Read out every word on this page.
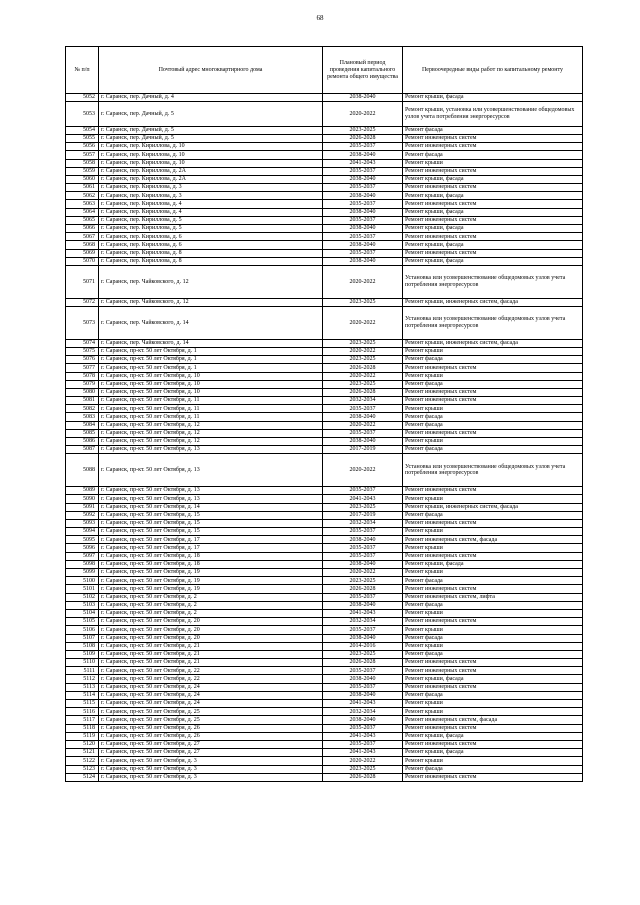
68
№ п/п	Почтовый адрес многоквартирного дома	Плановый период проведения капитального ремонта общего имущества	Первоочередные виды работ по капитальному ремонту
5052	г. Саранск, пер. Дачный, д. 4	2038-2040	Ремонт крыши, фасада
5053	г. Саранск, пер. Дачный, д. 5	2020-2022	Ремонт крыши, установка или усовершенствование общедомовых узлов учета потребления энергоресурсов
5054	г. Саранск, пер. Дачный, д. 5	2023-2025	Ремонт фасада
5055	г. Саранск, пер. Дачный, д. 5	2026-2028	Ремонт инженерных систем
5056	г. Саранск, пер. Кириллова, д. 10	2035-2037	Ремонт инженерных систем
5057	г. Саранск, пер. Кириллова, д. 10	2038-2040	Ремонт фасада
5058	г. Саранск, пер. Кириллова, д. 10	2041-2043	Ремонт крыши
5059	г. Саранск, пер. Кириллова, д. 2А	2035-2037	Ремонт инженерных систем
5060	г. Саранск, пер. Кириллова, д. 2А	2038-2040	Ремонт крыши, фасада
5061	г. Саранск, пер. Кириллова, д. 3	2035-2037	Ремонт инженерных систем
5062	г. Саранск, пер. Кириллова, д. 3	2038-2040	Ремонт крыши, фасада
5063	г. Саранск, пер. Кириллова, д. 4	2035-2037	Ремонт инженерных систем
5064	г. Саранск, пер. Кириллова, д. 4	2038-2040	Ремонт крыши, фасада
5065	г. Саранск, пер. Кириллова, д. 5	2035-2037	Ремонт инженерных систем
5066	г. Саранск, пер. Кириллова, д. 5	2038-2040	Ремонт крыши, фасада
5067	г. Саранск, пер. Кириллова, д. 6	2035-2037	Ремонт инженерных систем
5068	г. Саранск, пер. Кириллова, д. 6	2038-2040	Ремонт крыши, фасада
5069	г. Саранск, пер. Кириллова, д. 8	2035-2037	Ремонт инженерных систем
5070	г. Саранск, пер. Кириллова, д. 8	2038-2040	Ремонт крыши, фасада
5071	г. Саранск, пер. Чайковского, д. 12	2020-2022	Установка или усовершенствование общедомовых узлов учета потребления энергоресурсов
5072	г. Саранск, пер. Чайковского, д. 12	2023-2025	Ремонт крыши, инженерных систем, фасада
5073	г. Саранск, пер. Чайковского, д. 14	2020-2022	Установка или усовершенствование общедомовых узлов учета потребления энергоресурсов
5074	г. Саранск, пер. Чайковского, д. 14	2023-2025	Ремонт крыши, инженерных систем, фасада
5075	г. Саранск, пр-кт. 50 лет Октября, д. 1	2020-2022	Ремонт крыши
5076	г. Саранск, пр-кт. 50 лет Октября, д. 1	2023-2025	Ремонт фасада
5077	г. Саранск, пр-кт. 50 лет Октября, д. 1	2026-2028	Ремонт инженерных систем
5078	г. Саранск, пр-кт. 50 лет Октября, д. 10	2020-2022	Ремонт крыши
5079	г. Саранск, пр-кт. 50 лет Октября, д. 10	2023-2025	Ремонт фасада
5080	г. Саранск, пр-кт. 50 лет Октября, д. 10	2026-2028	Ремонт инженерных систем
5081	г. Саранск, пр-кт. 50 лет Октября, д. 11	2032-2034	Ремонт инженерных систем
5082	г. Саранск, пр-кт. 50 лет Октября, д. 11	2035-2037	Ремонт крыши
5083	г. Саранск, пр-кт. 50 лет Октября, д. 11	2038-2040	Ремонт фасада
5084	г. Саранск, пр-кт. 50 лет Октября, д. 12	2020-2022	Ремонт фасада
5085	г. Саранск, пр-кт. 50 лет Октября, д. 12	2035-2037	Ремонт инженерных систем
5086	г. Саранск, пр-кт. 50 лет Октября, д. 12	2038-2040	Ремонт крыши
5087	г. Саранск, пр-кт. 50 лет Октября, д. 13	2017-2019	Ремонт фасада
5088	г. Саранск, пр-кт. 50 лет Октября, д. 13	2020-2022	Установка или усовершенствование общедомовых узлов учета потребления энергоресурсов
5089	г. Саранск, пр-кт. 50 лет Октября, д. 13	2035-2037	Ремонт инженерных систем
5090	г. Саранск, пр-кт. 50 лет Октября, д. 13	2041-2043	Ремонт крыши
5091	г. Саранск, пр-кт. 50 лет Октября, д. 14	2023-2025	Ремонт крыши, инженерных систем, фасада
5092	г. Саранск, пр-кт. 50 лет Октября, д. 15	2017-2019	Ремонт фасада
5093	г. Саранск, пр-кт. 50 лет Октября, д. 15	2032-2034	Ремонт инженерных систем
5094	г. Саранск, пр-кт. 50 лет Октября, д. 15	2035-2037	Ремонт крыши
5095	г. Саранск, пр-кт. 50 лет Октября, д. 17	2038-2040	Ремонт инженерных систем, фасада
5096	г. Саранск, пр-кт. 50 лет Октября, д. 17	2035-2037	Ремонт крыши
5097	г. Саранск, пр-кт. 50 лет Октября, д. 18	2035-2037	Ремонт инженерных систем
5098	г. Саранск, пр-кт. 50 лет Октября, д. 18	2038-2040	Ремонт крыши, фасада
5099	г. Саранск, пр-кт. 50 лет Октября, д. 19	2020-2022	Ремонт крыши
5100	г. Саранск, пр-кт. 50 лет Октября, д. 19	2023-2025	Ремонт фасада
5101	г. Саранск, пр-кт. 50 лет Октября, д. 19	2026-2028	Ремонт инженерных систем
5102	г. Саранск, пр-кт. 50 лет Октября, д. 2	2035-2037	Ремонт инженерных систем, лифта
5103	г. Саранск, пр-кт. 50 лет Октября, д. 2	2038-2040	Ремонт фасада
5104	г. Саранск, пр-кт. 50 лет Октября, д. 2	2041-2043	Ремонт крыши
5105	г. Саранск, пр-кт. 50 лет Октября, д. 20	2032-2034	Ремонт инженерных систем
5106	г. Саранск, пр-кт. 50 лет Октября, д. 20	2035-2037	Ремонт крыши
5107	г. Саранск, пр-кт. 50 лет Октября, д. 20	2038-2040	Ремонт фасада
5108	г. Саранск, пр-кт. 50 лет Октября, д. 21	2014-2016	Ремонт крыши
5109	г. Саранск, пр-кт. 50 лет Октября, д. 21	2023-2025	Ремонт фасада
5110	г. Саранск, пр-кт. 50 лет Октября, д. 21	2026-2028	Ремонт инженерных систем
5111	г. Саранск, пр-кт. 50 лет Октября, д. 22	2035-2037	Ремонт инженерных систем
5112	г. Саранск, пр-кт. 50 лет Октября, д. 22	2038-2040	Ремонт крыши, фасада
5113	г. Саранск, пр-кт. 50 лет Октября, д. 24	2035-2037	Ремонт инженерных систем
5114	г. Саранск, пр-кт. 50 лет Октября, д. 24	2038-2040	Ремонт фасада
5115	г. Саранск, пр-кт. 50 лет Октября, д. 24	2041-2043	Ремонт крыши
5116	г. Саранск, пр-кт. 50 лет Октября, д. 25	2032-2034	Ремонт крыши
5117	г. Саранск, пр-кт. 50 лет Октября, д. 25	2038-2040	Ремонт инженерных систем, фасада
5118	г. Саранск, пр-кт. 50 лет Октября, д. 26	2035-2037	Ремонт инженерных систем
5119	г. Саранск, пр-кт. 50 лет Октября, д. 26	2041-2043	Ремонт крыши, фасада
5120	г. Саранск, пр-кт. 50 лет Октября, д. 27	2035-2037	Ремонт инженерных систем
5121	г. Саранск, пр-кт. 50 лет Октября, д. 27	2041-2043	Ремонт крыши, фасада
5122	г. Саранск, пр-кт. 50 лет Октября, д. 3	2020-2022	Ремонт крыши
5123	г. Саранск, пр-кт. 50 лет Октября, д. 3	2023-2025	Ремонт фасада
5124	г. Саранск, пр-кт. 50 лет Октября, д. 3	2026-2028	Ремонт инженерных систем
